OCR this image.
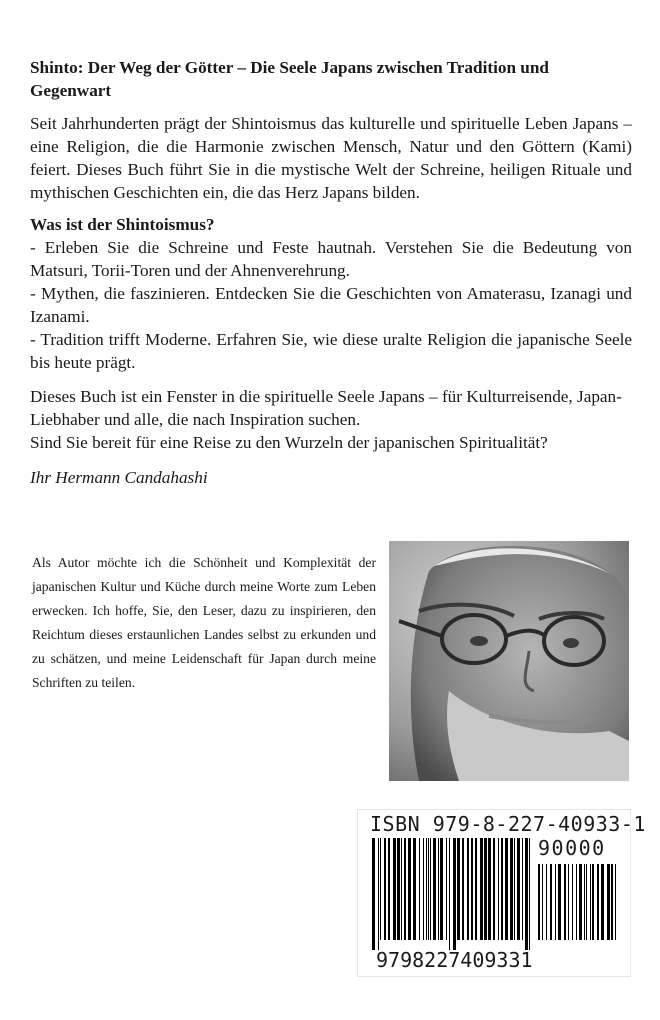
Shinto: Der Weg der Götter – Die Seele Japans zwischen Tradition und Gegenwart

Seit Jahrhunderten prägt der Shintoismus das kulturelle und spirituelle Leben Japans – eine Religion, die die Harmonie zwischen Mensch, Natur und den Göttern (Kami) feiert. Dieses Buch führt Sie in die mystische Welt der Schreine, heiligen Rituale und mythischen Geschichten ein, die das Herz Japans bilden.

Was ist der Shintoismus?

- Erleben Sie die Schreine und Feste hautnah. Verstehen Sie die Bedeutung von Matsuri, Torii-Toren und der Ahnenverehrung.

- Mythen, die faszinieren. Entdecken Sie die Geschichten von Amaterasu, Izanagi und Izanami.

- Tradition trifft Moderne. Erfahren Sie, wie diese uralte Religion die japanische Seele bis heute prägt.

Dieses Buch ist ein Fenster in die spirituelle Seele Japans – für Kulturreisende, Japan-Liebhaber und alle, die nach Inspiration suchen.

Sind Sie bereit für eine Reise zu den Wurzeln der japanischen Spiritualität?

Ihr Hermann Candahashi

Als Autor möchte ich die Schönheit und Komplexität der japanischen Kultur und Küche durch meine Worte zum Leben erwecken. Ich hoffe, Sie, den Leser, dazu zu inspirieren, den Reichtum dieses erstaunlichen Landes selbst zu erkunden und zu schätzen, und meine Leidenschaft für Japan durch meine Schriften zu teilen.
ISBN 979-8-227-40933-1
90000
9798227409331
